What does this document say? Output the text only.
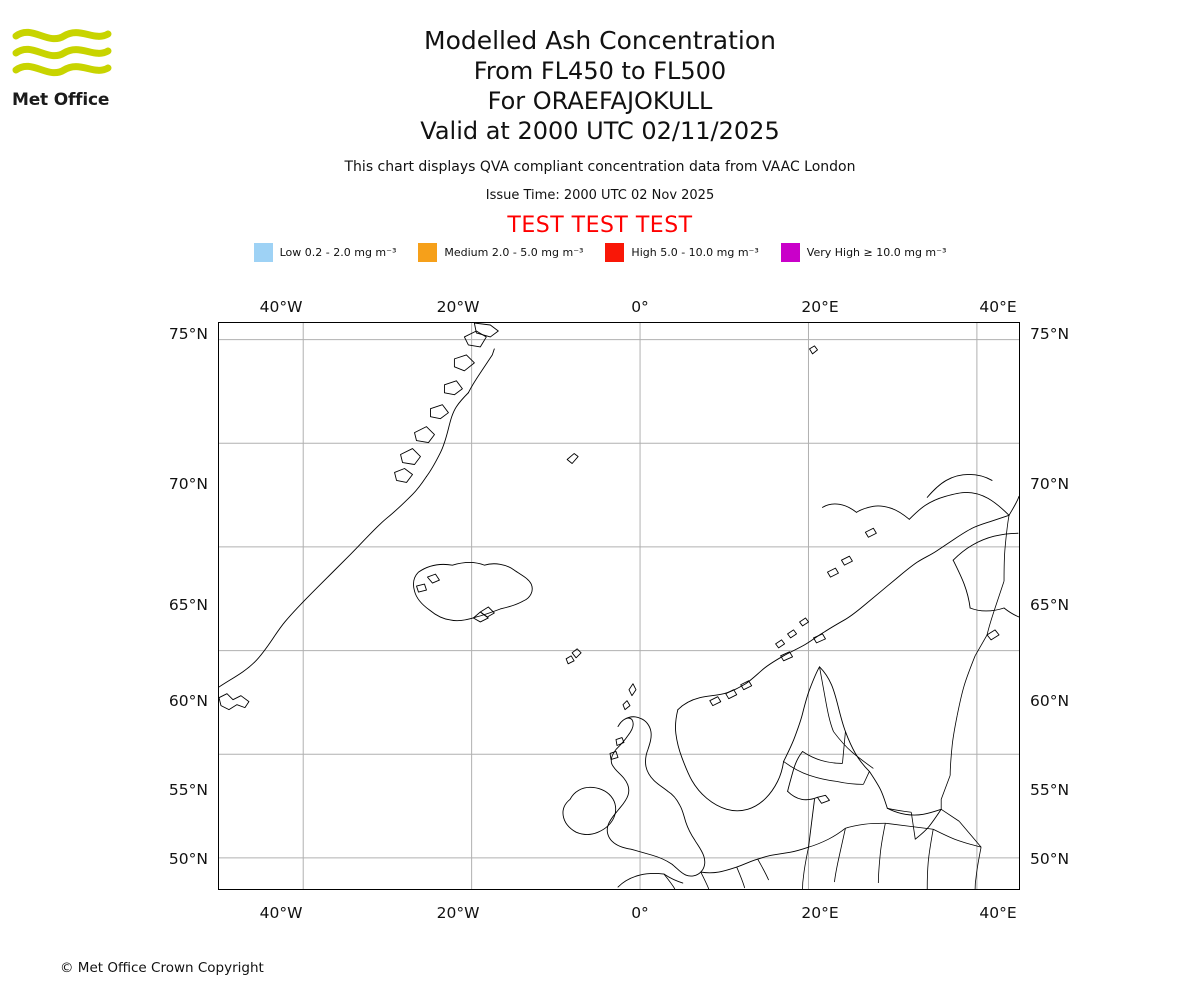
Met Office
Modelled Ash Concentration
From FL450 to FL500
For ORAEFAJOKULL
Valid at 2000 UTC 02/11/2025
This chart displays QVA compliant concentration data from VAAC London
Issue Time: 2000 UTC 02 Nov 2025
TEST TEST TEST
Low 0.2 - 2.0 mg m⁻³	Medium 2.0 - 5.0 mg m⁻³	High 5.0 - 10.0 mg m⁻³	Very High ≥ 10.0 mg m⁻³
40°W	20°W	0°	20°E	40°E
40°W	20°W	0°	20°E	40°E
75°N
70°N
65°N
60°N
55°N
50°N
75°N
70°N
65°N
60°N
55°N
50°N
© Met Office Crown Copyright
